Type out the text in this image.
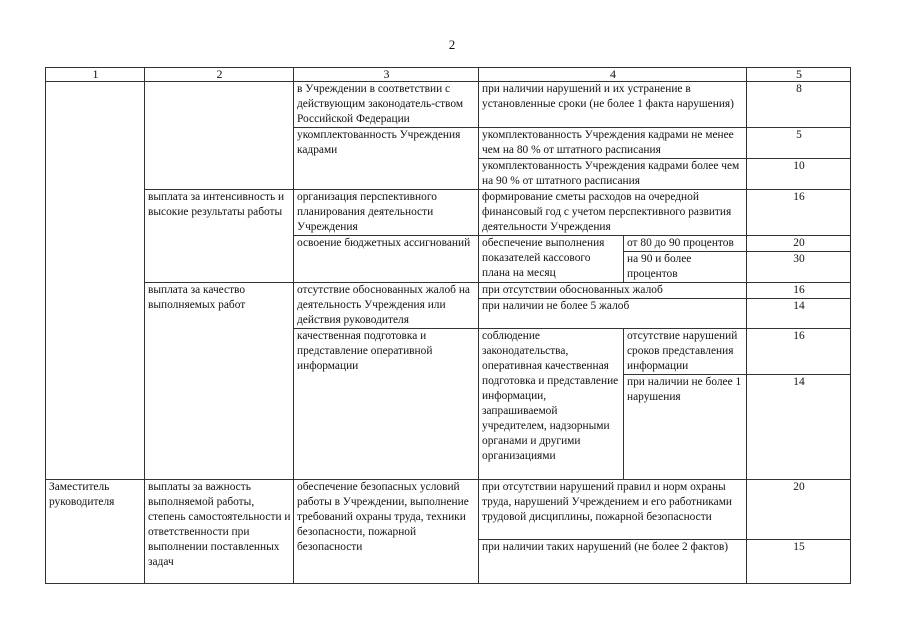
2
1	2	3	4		5
		в Учреждении в соответствии с действующим законодатель-ством Российской Федерации	при наличии нарушений и их устранение в установленные сроки (не более 1 факта нарушения)		8
		укомплектованность Учреждения кадрами	укомплектованность Учреждения кадрами не менее чем на 80 % от штатного расписания		5
			укомплектованность Учреждения кадрами более чем на 90 % от штатного расписания		10
	выплата за интенсивность и высокие результаты работы	организация перспективного планирования деятельности Учреждения	формирование сметы расходов на очередной финансовый год с учетом перспективного развития деятельности Учреждения		16
		освоение бюджетных ассигнований	обеспечение выполнения показателей кассового плана на месяц	от 80 до 90 процентов	20
				на 90 и более процентов	30
	выплата за качество выполняемых работ	отсутствие обоснованных жалоб на деятельность Учреждения или действия руководителя	при отсутствии обоснованных жалоб		16
			при наличии не более 5 жалоб		14
		качественная подготовка и представление оперативной информации	соблюдение законодательства, оперативная качественная подготовка и представление информации, запрашиваемой учредителем, надзорными органами и другими организациями	отсутствие нарушений сроков представления информации	16
				при наличии не более 1 нарушения	14
Заместитель руководителя	выплаты за важность выполняемой работы, степень самостоятельности и ответственности при выполнении поставленных задач	обеспечение безопасных условий работы в Учреждении, выполнение требований охраны труда, техники безопасности, пожарной безопасности	при отсутствии нарушений правил и норм охраны труда, нарушений Учреждением и его работниками трудовой дисциплины, пожарной безопасности		20
			при наличии таких нарушений (не более 2 фактов)		15
